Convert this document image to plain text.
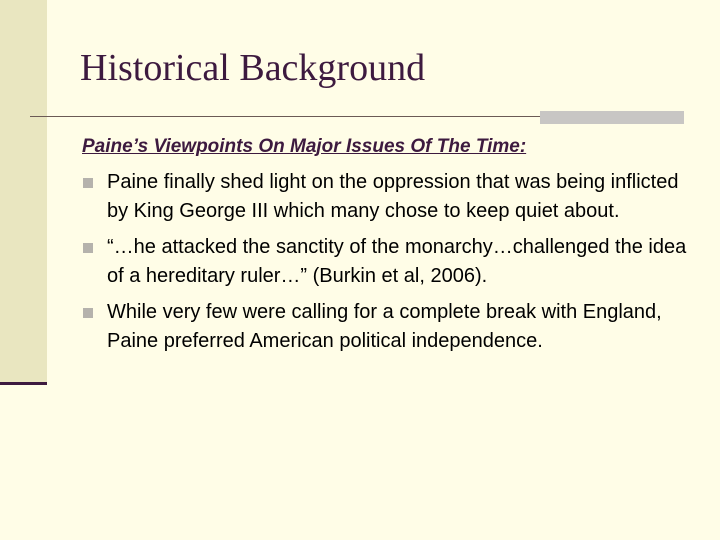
Historical Background
Paine’s Viewpoints On Major Issues Of The Time:
Paine finally shed light on the oppression that was being inflicted by King George III which many chose to keep quiet about.
“…he attacked the sanctity of the monarchy…challenged the idea of a hereditary ruler…” (Burkin et al, 2006).
While very few were calling for a complete break with England, Paine preferred American political independence.
